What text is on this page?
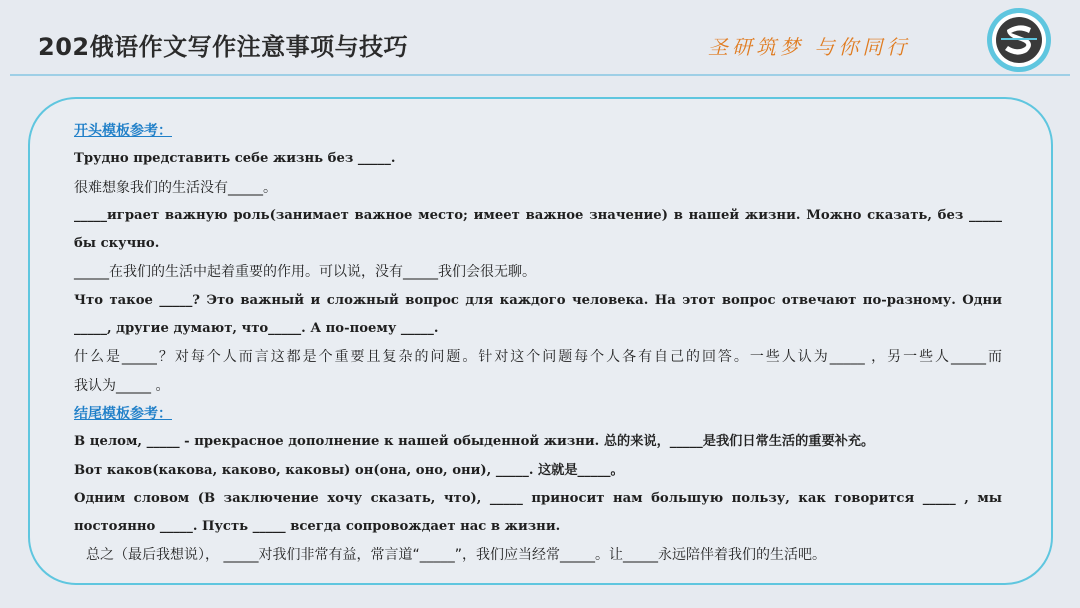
202俄语作文写作注意事项与技巧	圣研筑梦 与你同行
开头模板参考：
Трудно представить себе жизнь без _____.
很难想象我们的生活没有_____。
_____играет важную роль(занимает важное место; имеет важное значение) в нашей жизни. Можно сказать, без _____
бы скучно.
_____在我们的生活中起着重要的作用。可以说，没有_____我们会很无聊。
Что такое _____? Это важный и сложный вопрос для каждого человека. На этот вопрос отвечают по-разному. Одни
_____, другие думают, что_____. А по-поему _____.
什么是_____？对每个人而言这都是个重要且复杂的问题。针对这个问题每个人各有自己的回答。一些人认为_____ ，另一些人_____而
我认为_____ 。
结尾模板参考：
В целом, _____ - прекрасное дополнение к нашей обыденной жизни. 总的来说，_____是我们日常生活的重要补充。
Вот каков(какова, каково, каковы) он(она, оно, они), _____. 这就是_____。
Одним словом (В заключение хочу сказать, что), _____ приносит нам большую пользу, как говорится _____ , мы
постоянно _____. Пусть _____ всегда сопровождает нас в жизни.
总之（最后我想说）， _____对我们非常有益，常言道“_____”，我们应当经常_____。让_____永远陪伴着我们的生活吧。
